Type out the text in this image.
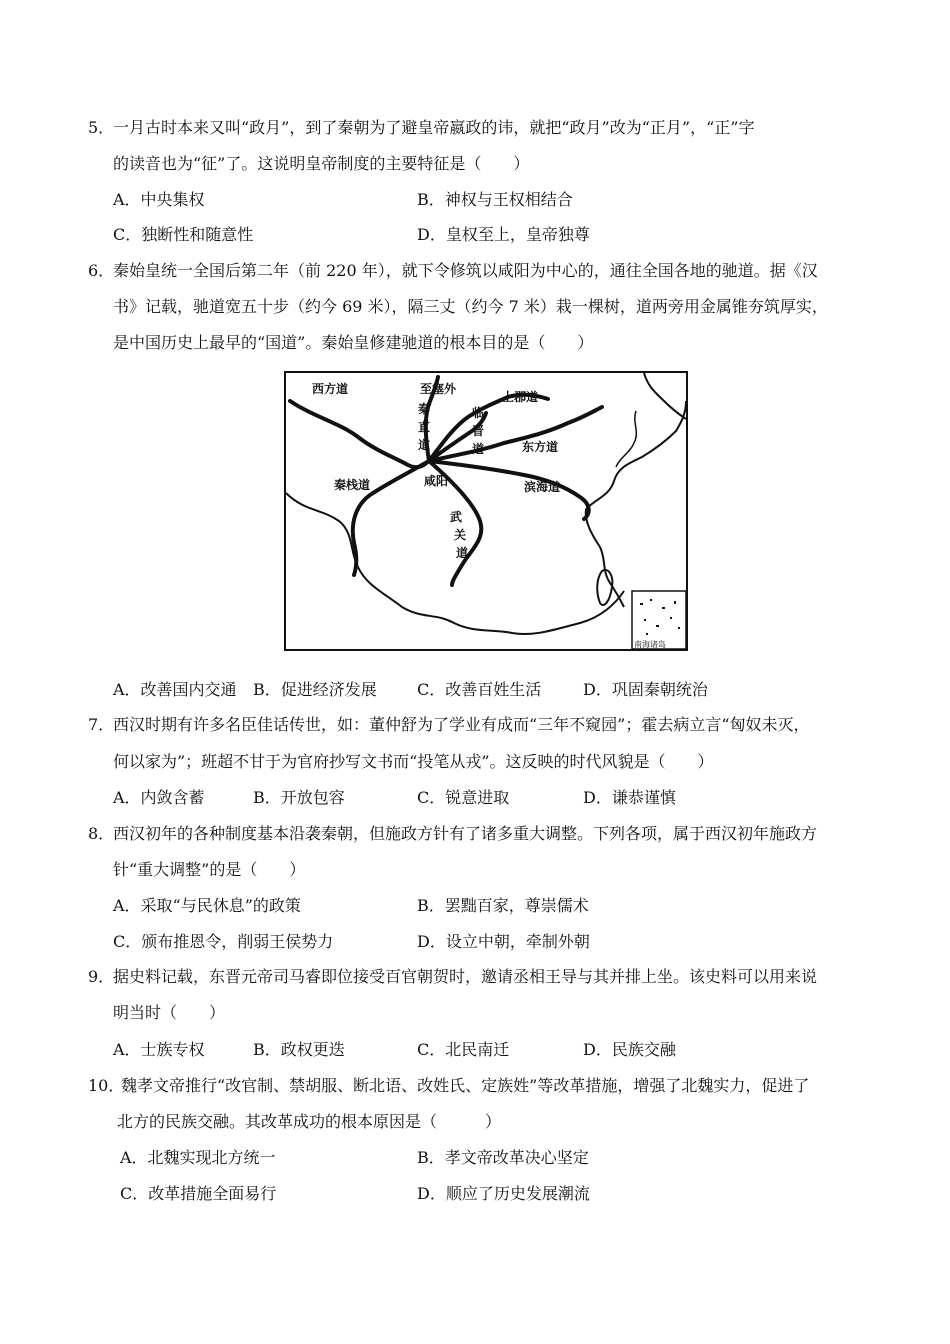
5．
一月古时本来又叫“政月”，到了秦朝为了避皇帝嬴政的讳，就把“政月”改为“正月”，“正”字
的读音也为“征”了。这说明皇帝制度的主要特征是（　　）
A．中央集权	B．神权与王权相结合
C．独断性和随意性	D．皇权至上，皇帝独尊
6．
秦始皇统一全国后第二年（前 220 年），就下令修筑以咸阳为中心的，通往全国各地的驰道。据《汉
书》记载，驰道宽五十步（约今 69 米），隔三丈（约今 7 米）栽一棵树，道两旁用金属锥夯筑厚实，
是中国历史上最早的“国道”。秦始皇修建驰道的根本目的是（　　）
西方道	至塞外
秦
直
道
临
晋
道
上郡道
东方道
秦栈道	咸阳	滨海道
武
关
道
南海诸岛
A．改善国内交通 B．促进经济发展	C．改善百姓生活	D．巩固秦朝统治
7．
西汉时期有许多名臣佳话传世，如：董仲舒为了学业有成而“三年不窥园”；霍去病立言“匈奴未灭，
何以家为”；班超不甘于为官府抄写文书而“投笔从戎”。这反映的时代风貌是（　　）
A．内敛含蓄	B．开放包容	C．锐意进取	D．谦恭谨慎
8．
西汉初年的各种制度基本沿袭秦朝，但施政方针有了诸多重大调整。下列各项，属于西汉初年施政方
针“重大调整”的是（　　）
A．采取“与民休息”的政策	B．罢黜百家，尊崇儒术
C．颁布推恩令，削弱王侯势力	D．设立中朝，牵制外朝
9．
据史料记载，东晋元帝司马睿即位接受百官朝贺时，邀请丞相王导与其并排上坐。该史料可以用来说
明当时（　　）
A．士族专权	B．政权更迭	C．北民南迁	D．民族交融
10．
魏孝文帝推行“改官制、禁胡服、断北语、改姓氏、定族姓”等改革措施，增强了北魏实力，促进了
北方的民族交融。其改革成功的根本原因是（　　　）
A．北魏实现北方统一	B．孝文帝改革决心坚定
C．改革措施全面易行	D．顺应了历史发展潮流
